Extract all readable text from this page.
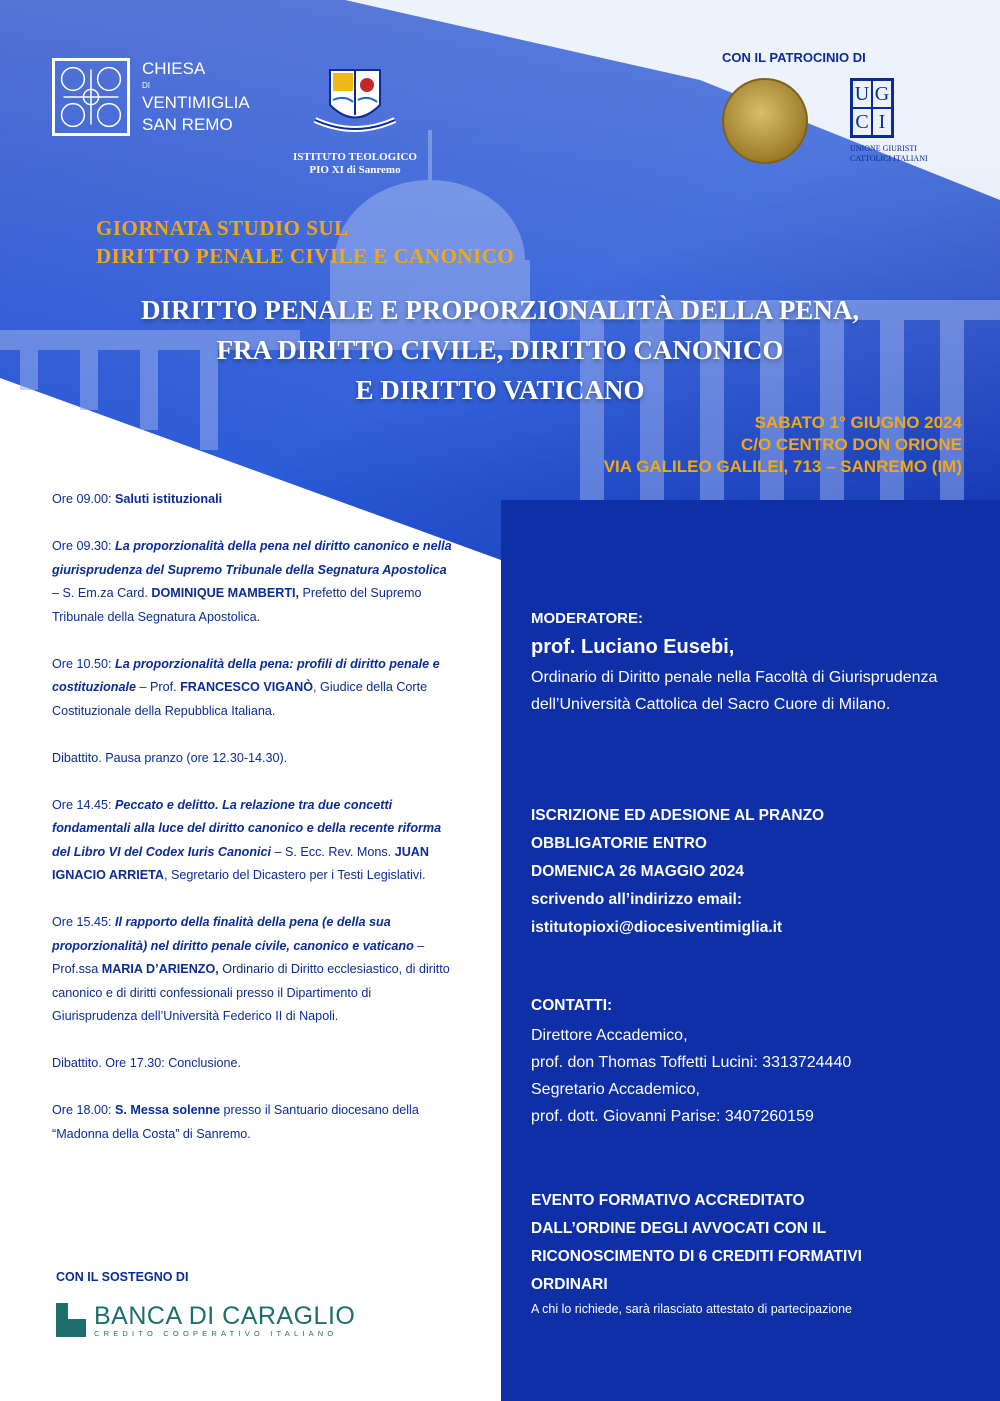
CHIESA
DI
VENTIMIGLIA
SAN REMO
ISTITUTO TEOLOGICO
PIO XI di Sanremo
CON IL PATROCINIO DI
U G
C I
UNIONE GIURISTI
CATTOLICI ITALIANI
GIORNATA STUDIO SUL
DIRITTO PENALE CIVILE E CANONICO
DIRITTO PENALE E PROPORZIONALITÀ DELLA PENA,
FRA DIRITTO CIVILE, DIRITTO CANONICO
E DIRITTO VATICANO
SABATO 1° GIUGNO 2024
C/O CENTRO DON ORIONE
VIA GALILEO GALILEI, 713 – SANREMO (IM)

Ore 09.00: Saluti istituzionali

Ore 09.30: La proporzionalità della pena nel diritto canonico e nella giurisprudenza del Supremo Tribunale della Segnatura Apostolica – S. Em.za Card. DOMINIQUE MAMBERTI, Prefetto del Supremo Tribunale della Segnatura Apostolica.

Ore 10.50: La proporzionalità della pena: profili di diritto penale e costituzionale – Prof. FRANCESCO VIGANÒ, Giudice della Corte Costituzionale della Repubblica Italiana.

Dibattito. Pausa pranzo (ore 12.30-14.30).

Ore 14.45: Peccato e delitto. La relazione tra due concetti fondamentali alla luce del diritto canonico e della recente riforma del Libro VI del Codex Iuris Canonici – S. Ecc. Rev. Mons. JUAN IGNACIO ARRIETA, Segretario del Dicastero per i Testi Legislativi.

Ore 15.45: Il rapporto della finalità della pena (e della sua proporzionalità) nel diritto penale civile, canonico e vaticano – Prof.ssa MARIA D’ARIENZO, Ordinario di Diritto ecclesiastico, di diritto canonico e di diritti confessionali presso il Dipartimento di Giurisprudenza dell’Università Federico II di Napoli.

Dibattito. Ore 17.30: Conclusione.

Ore 18.00: S. Messa solenne presso il Santuario diocesano della “Madonna della Costa” di Sanremo.

MODERATORE:
prof. Luciano Eusebi,
Ordinario di Diritto penale nella Facoltà di Giurisprudenza dell’Università Cattolica del Sacro Cuore di Milano.
ISCRIZIONE ED ADESIONE AL PRANZO
OBBLIGATORIE ENTRO
DOMENICA 26 MAGGIO 2024
scrivendo all’indirizzo email:
istitutopioxi@diocesiventimiglia.it
CONTATTI:
Direttore Accademico,
prof. don Thomas Toffetti Lucini: 3313724440
Segretario Accademico,
prof. dott. Giovanni Parise: 3407260159
EVENTO FORMATIVO ACCREDITATO
DALL’ORDINE DEGLI AVVOCATI CON IL
RICONOSCIMENTO DI 6 CREDITI FORMATIVI
ORDINARI
A chi lo richiede, sarà rilasciato attestato di partecipazione
CON IL SOSTEGNO DI
BANCA DI CARAGLIO
CREDITO COOPERATIVO ITALIANO
